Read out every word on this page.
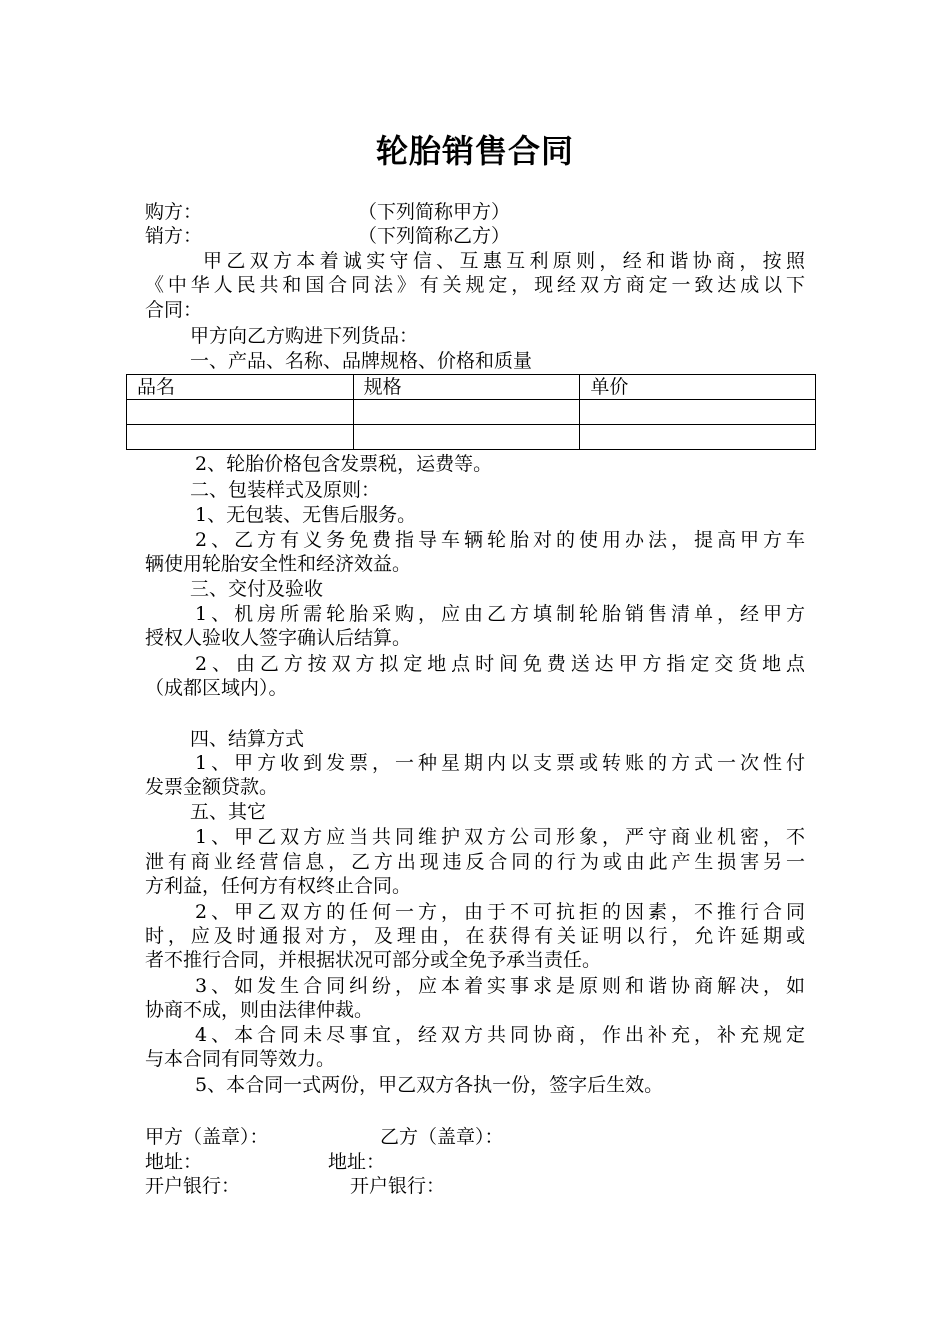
轮胎销售合同
购方：	（下列简称甲方）
销方：	（下列简称乙方）
甲乙双方本着诚实守信、互惠互利原则，经和谐协商，按照
《中华人民共和国合同法》有关规定，现经双方商定一致达成以下
合同：
甲方向乙方购进下列货品：
一、产品、名称、品牌规格、价格和质量
品名	规格	单价

2、轮胎价格包含发票税，运费等。
二、包装样式及原则：
1、无包装、无售后服务。
2、乙方有义务免费指导车辆轮胎对的使用办法，提高甲方车
辆使用轮胎安全性和经济效益。
三、交付及验收
1、机房所需轮胎采购，应由乙方填制轮胎销售清单，经甲方
授权人验收人签字确认后结算。
2、由乙方按双方拟定地点时间免费送达甲方指定交货地点
（成都区域内）。
四、结算方式
1、甲方收到发票，一种星期内以支票或转账的方式一次性付
发票金额贷款。
五、其它
1、甲乙双方应当共同维护双方公司形象，严守商业机密，不
泄有商业经营信息，乙方出现违反合同的行为或由此产生损害另一
方利益，任何方有权终止合同。
2、甲乙双方的任何一方，由于不可抗拒的因素，不推行合同
时，应及时通报对方，及理由，在获得有关证明以行，允许延期或
者不推行合同，并根据状况可部分或全免予承当责任。
3、如发生合同纠纷，应本着实事求是原则和谐协商解决，如
协商不成，则由法律仲裁。
4、本合同未尽事宜，经双方共同协商，作出补充，补充规定
与本合同有同等效力。
5、本合同一式两份，甲乙双方各执一份，签字后生效。
甲方（盖章）：	乙方（盖章）：
地址：	地址：
开户银行：	开户银行：
